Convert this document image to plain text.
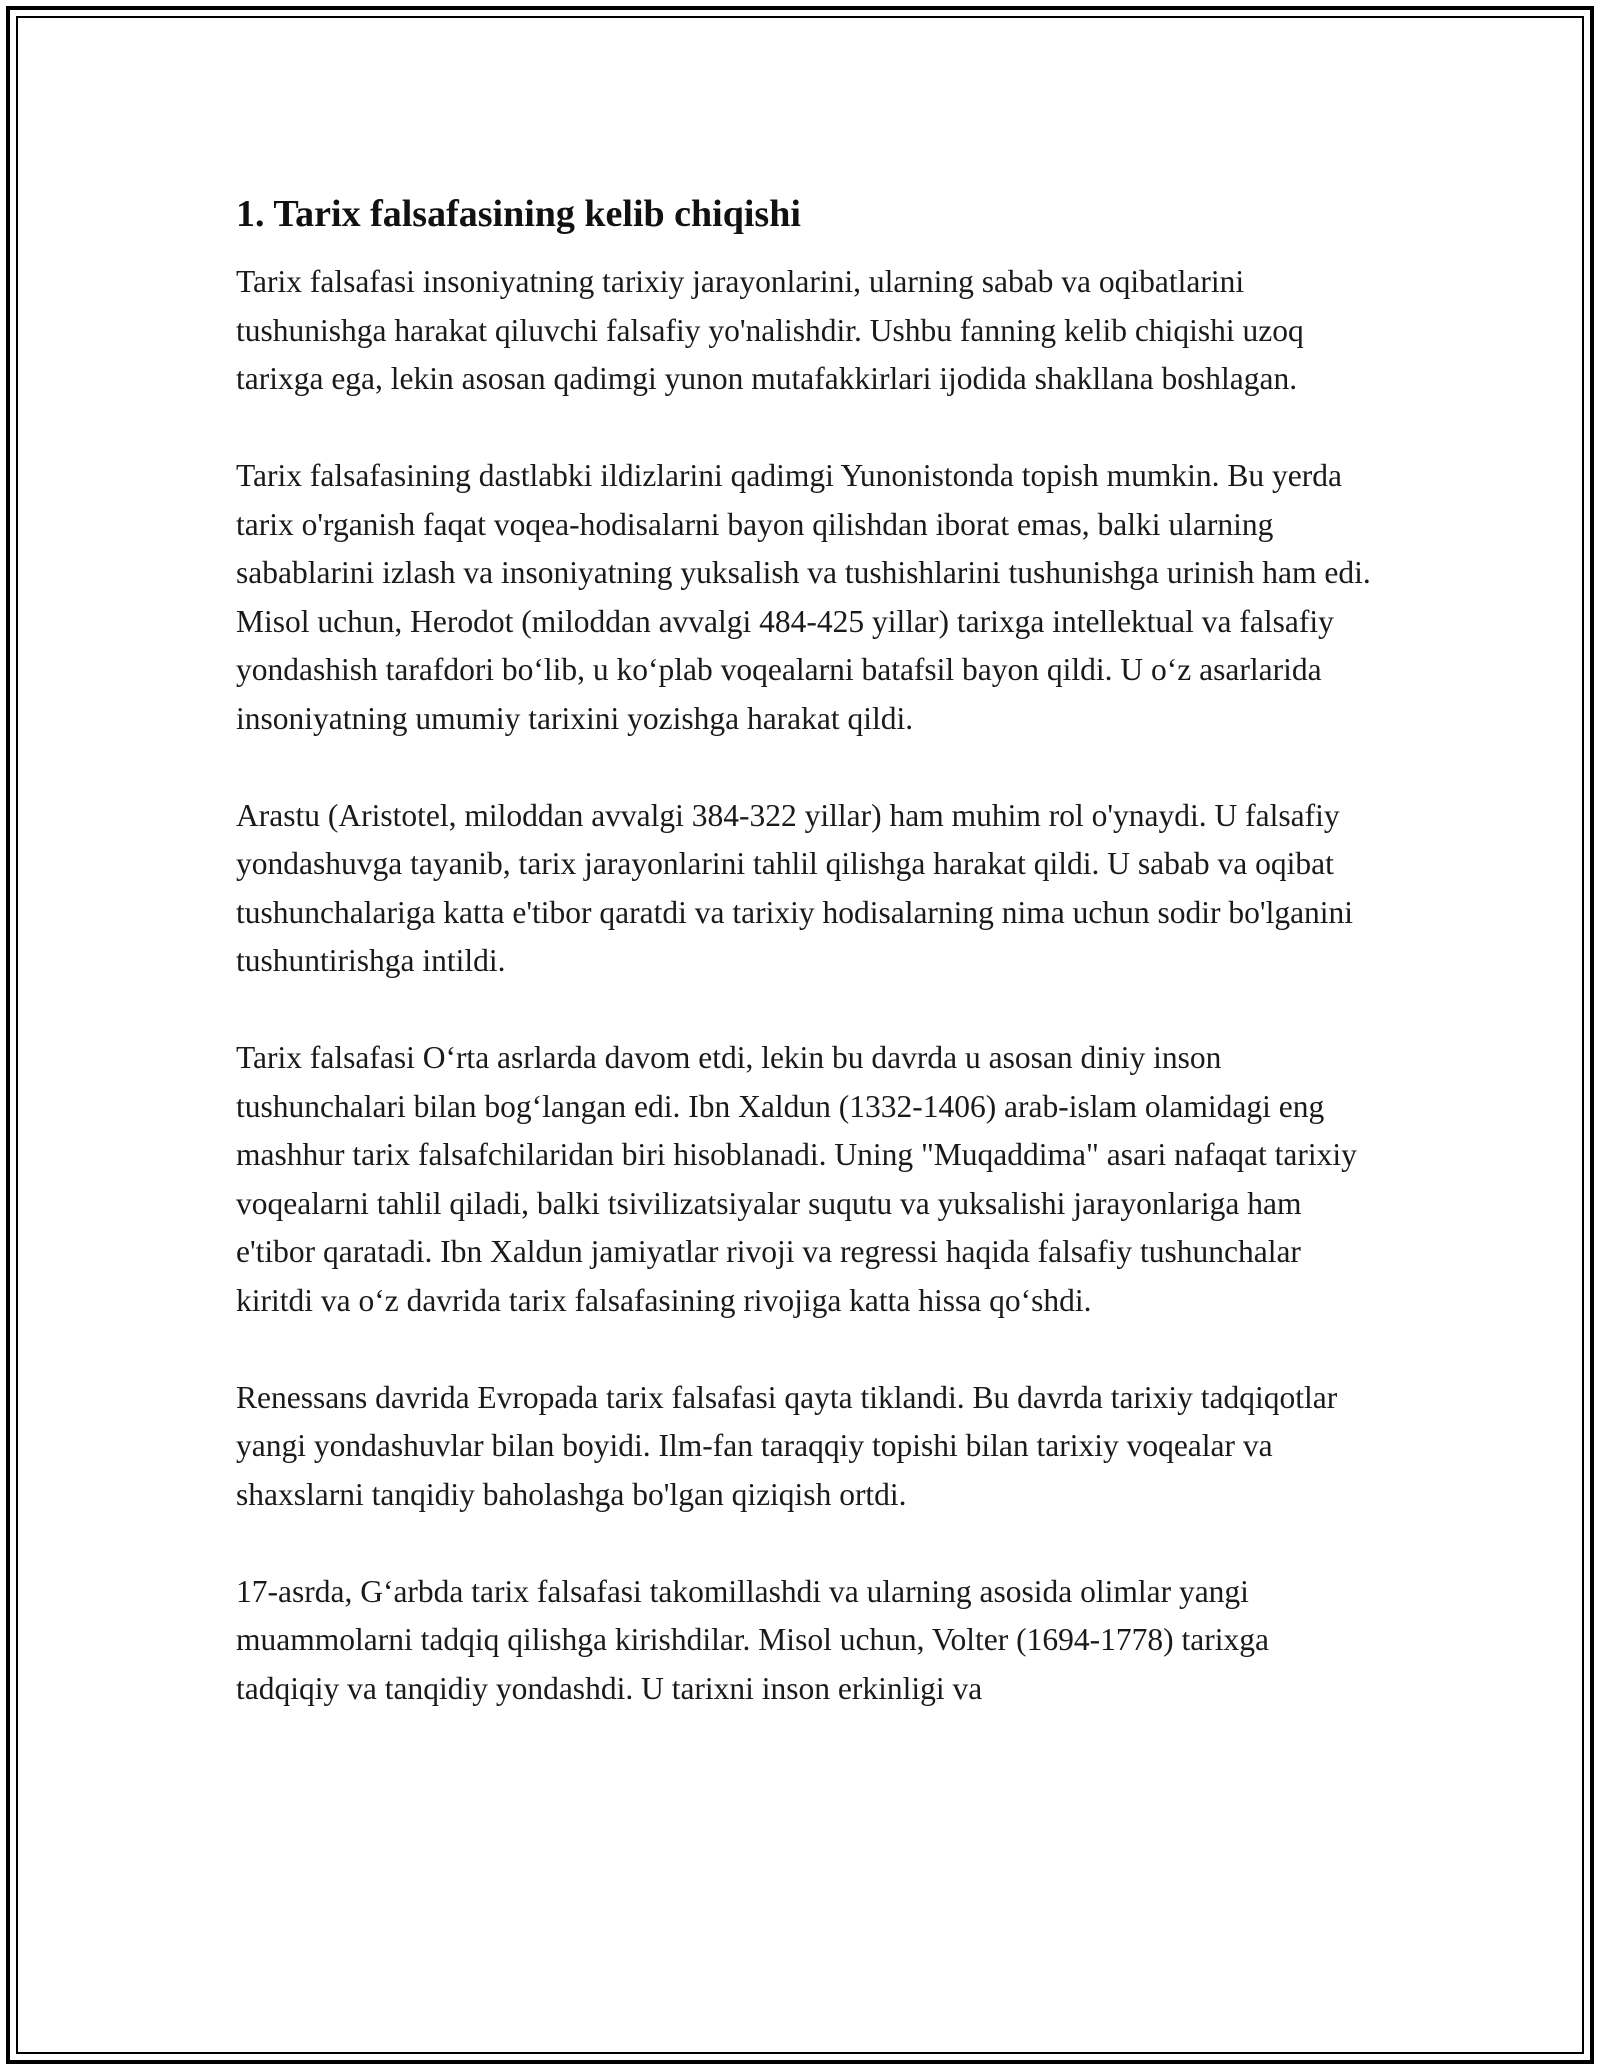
1. Tarix falsafasining kelib chiqishi

Tarix falsafasi insoniyatning tarixiy jarayonlarini, ularning sabab va oqibatlarini tushunishga harakat qiluvchi falsafiy yo'nalishdir. Ushbu fanning kelib chiqishi uzoq tarixga ega, lekin asosan qadimgi yunon mutafakkirlari ijodida shakllana boshlagan.

Tarix falsafasining dastlabki ildizlarini qadimgi Yunonistonda topish mumkin. Bu yerda tarix o'rganish faqat voqea-hodisalarni bayon qilishdan iborat emas, balki ularning sabablarini izlash va insoniyatning yuksalish va tushishlarini tushunishga urinish ham edi. Misol uchun, Herodot (miloddan avvalgi 484-425 yillar) tarixga intellektual va falsafiy yondashish tarafdori bo‘lib, u ko‘plab voqealarni batafsil bayon qildi. U o‘z asarlarida insoniyatning umumiy tarixini yozishga harakat qildi.

Arastu (Aristotel, miloddan avvalgi 384-322 yillar) ham muhim rol o'ynaydi. U falsafiy yondashuvga tayanib, tarix jarayonlarini tahlil qilishga harakat qildi. U sabab va oqibat tushunchalariga katta e'tibor qaratdi va tarixiy hodisalarning nima uchun sodir bo'lganini tushuntirishga intildi.

Tarix falsafasi O‘rta asrlarda davom etdi, lekin bu davrda u asosan diniy inson tushunchalari bilan bog‘langan edi. Ibn Xaldun (1332-1406) arab-islam olamidagi eng mashhur tarix falsafchilaridan biri hisoblanadi. Uning "Muqaddima" asari nafaqat tarixiy voqealarni tahlil qiladi, balki tsivilizatsiyalar suqutu va yuksalishi jarayonlariga ham e'tibor qaratadi. Ibn Xaldun jamiyatlar rivoji va regressi haqida falsafiy tushunchalar kiritdi va o‘z davrida tarix falsafasining rivojiga katta hissa qo‘shdi.

Renessans davrida Evropada tarix falsafasi qayta tiklandi. Bu davrda tarixiy tadqiqotlar yangi yondashuvlar bilan boyidi. Ilm-fan taraqqiy topishi bilan tarixiy voqealar va shaxslarni tanqidiy baholashga bo'lgan qiziqish ortdi.

17-asrda, G‘arbda tarix falsafasi takomillashdi va ularning asosida olimlar yangi muammolarni tadqiq qilishga kirishdilar. Misol uchun, Volter (1694-1778) tarixga tadqiqiy va tanqidiy yondashdi. U tarixni inson erkinligi va
